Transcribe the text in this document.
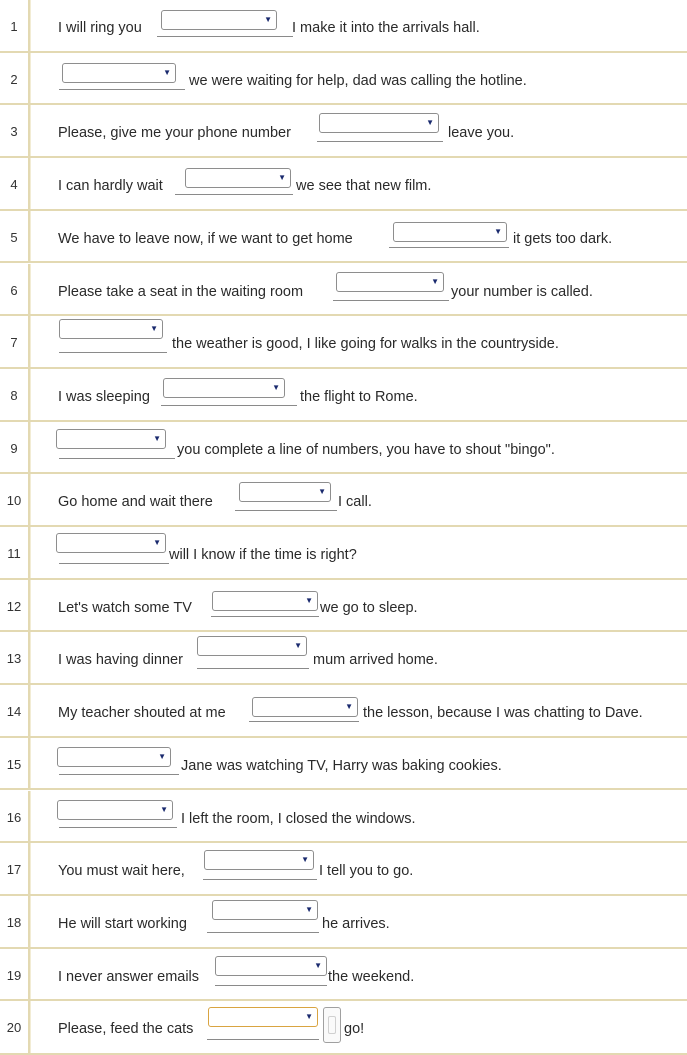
1	I will ring you
▼
I make it into the arrivals hall.
2	▼
we were waiting for help, dad was calling the hotline.
3	Please, give me your phone number
▼
leave you.
4	I can hardly wait
▼
we see that new film.
5	We have to leave now, if we want to get home	▼ it gets too dark.
6	Please take a seat in the waiting room
▼
your number is called.
7
▼
the weather is good, I like going for walks in the countryside.
8	I was sleeping
▼
the flight to Rome.
9
▼
you complete a line of numbers, you have to shout "bingo".
10	Go home and wait there
▼
I call.
11
▼
will I know if the time is right?
12	Let's watch some TV	▼ we go to sleep.
13	I was having dinner
▼
mum arrived home.
14	My teacher shouted at me	▼ the lesson, because I was chatting to Dave.
15
▼
Jane was watching TV, Harry was baking cookies.
16
▼
I left the room, I closed the windows.
17	You must wait here,
▼
I tell you to go.
18	He will start working
▼
he arrives.
19	I never answer emails
▼
the weekend.
20	Please, feed the cats
▼
go!
